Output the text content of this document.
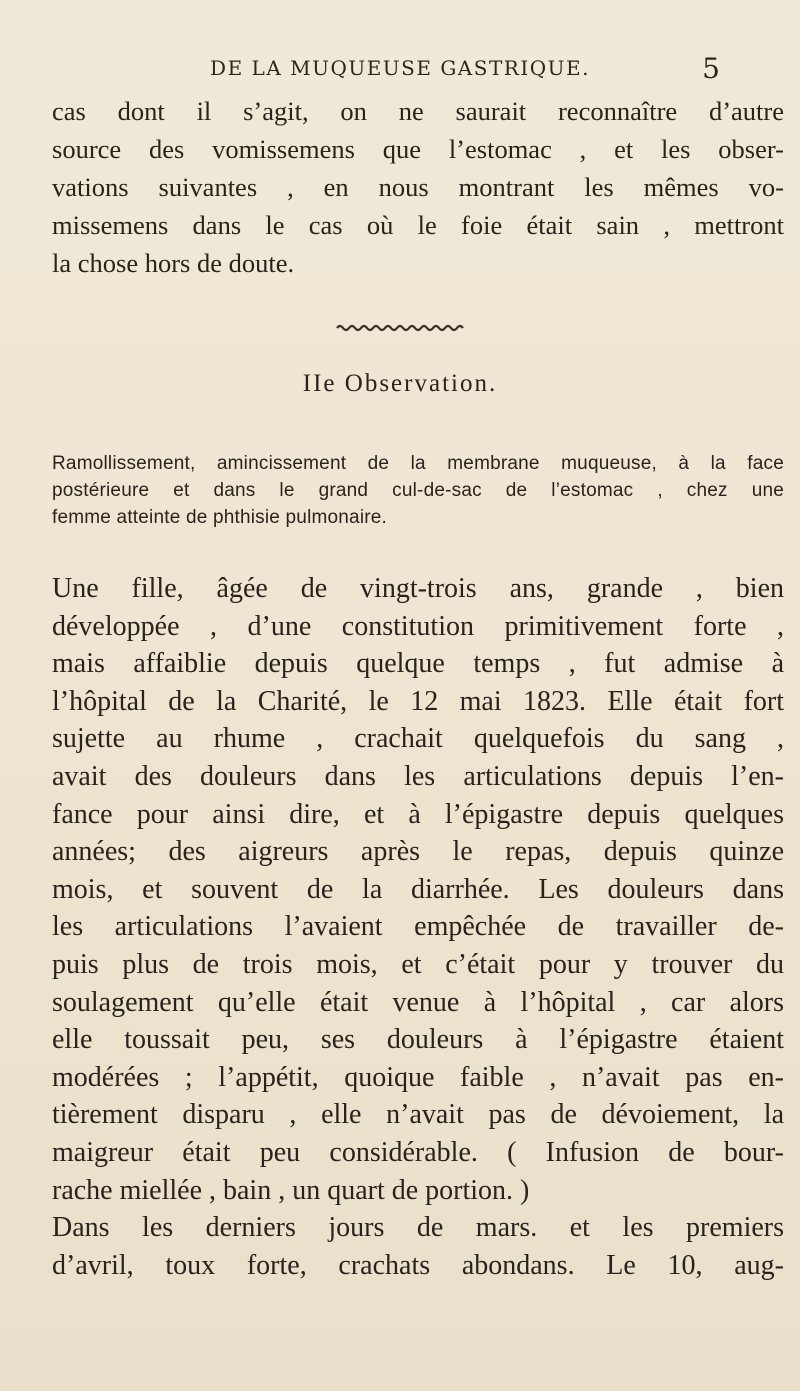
DE LA MUQUEUSE GASTRIQUE.	5
cas dont il s’agit, on ne saurait reconnaître d’autre
source des vomissemens que l’estomac , et les obser-
vations suivantes , en nous montrant les mêmes vo-
missemens dans le cas où le foie était sain , mettront
la chose hors de doute.
IIe Observation.
Ramollissement, amincissement de la membrane muqueuse, à la face
postérieure et dans le grand cul-de-sac de l’estomac , chez une
femme atteinte de phthisie pulmonaire.
Une fille, âgée de vingt-trois ans, grande , bien
développée , d’une constitution primitivement forte ,
mais affaiblie depuis quelque temps , fut admise à
l’hôpital de la Charité, le 12 mai 1823. Elle était fort
sujette au rhume , crachait quelquefois du sang ,
avait des douleurs dans les articulations depuis l’en-
fance pour ainsi dire, et à l’épigastre depuis quelques
années; des aigreurs après le repas, depuis quinze
mois, et souvent de la diarrhée. Les douleurs dans
les articulations l’avaient empêchée de travailler de-
puis plus de trois mois, et c’était pour y trouver du
soulagement qu’elle était venue à l’hôpital , car alors
elle toussait peu, ses douleurs à l’épigastre étaient
modérées ; l’appétit, quoique faible , n’avait pas en-
tièrement disparu , elle n’avait pas de dévoiement, la
maigreur était peu considérable. ( Infusion de bour-
rache miellée , bain , un quart de portion. )
Dans les derniers jours de mars. et les premiers
d’avril, toux forte, crachats abondans. Le 10, aug-
